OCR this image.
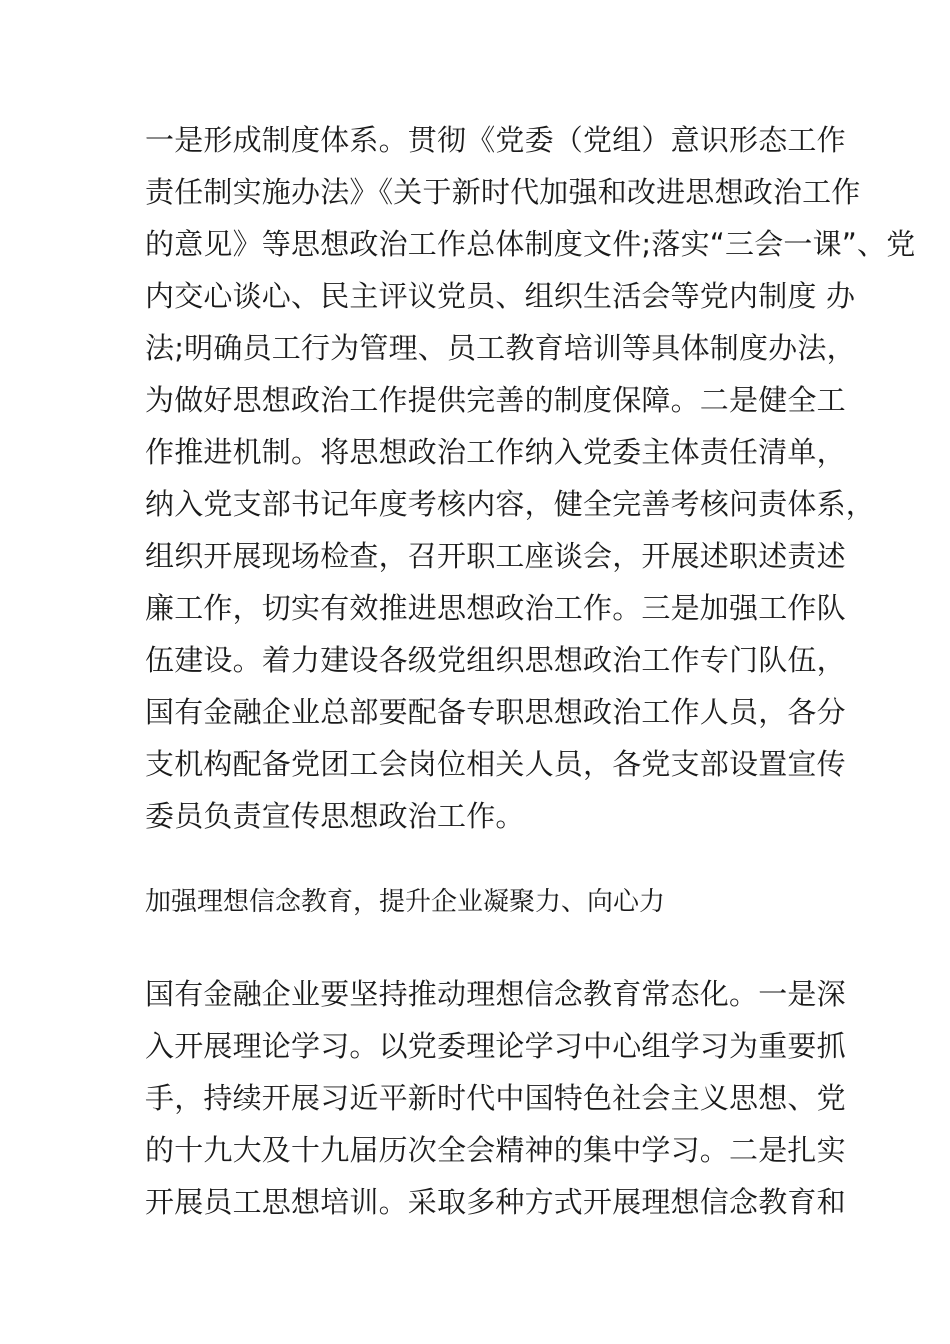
一是形成制度体系。贯彻《党委（党组）意识形态工作
责任制实施办法》《关于新时代加强和改进思想政治工作
的意见》等思想政治工作总体制度文件;落实“三会一课”、党
内交心谈心、民主评议党员、组织生活会等党内制度 办
法;明确员工行为管理、员工教育培训等具体制度办法，
为做好思想政治工作提供完善的制度保障。二是健全工
作推进机制。将思想政治工作纳入党委主体责任清单，
纳入党支部书记年度考核内容，健全完善考核问责体系，
组织开展现场检查，召开职工座谈会，开展述职述责述
廉工作，切实有效推进思想政治工作。三是加强工作队
伍建设。着力建设各级党组织思想政治工作专门队伍，
国有金融企业总部要配备专职思想政治工作人员，各分
支机构配备党团工会岗位相关人员，各党支部设置宣传
委员负责宣传思想政治工作。
加强理想信念教育，提升企业凝聚力、向心力
国有金融企业要坚持推动理想信念教育常态化。一是深
入开展理论学习。以党委理论学习中心组学习为重要抓
手，持续开展习近平新时代中国特色社会主义思想、党
的十九大及十九届历次全会精神的集中学习。二是扎实
开展员工思想培训。采取多种方式开展理想信念教育和
